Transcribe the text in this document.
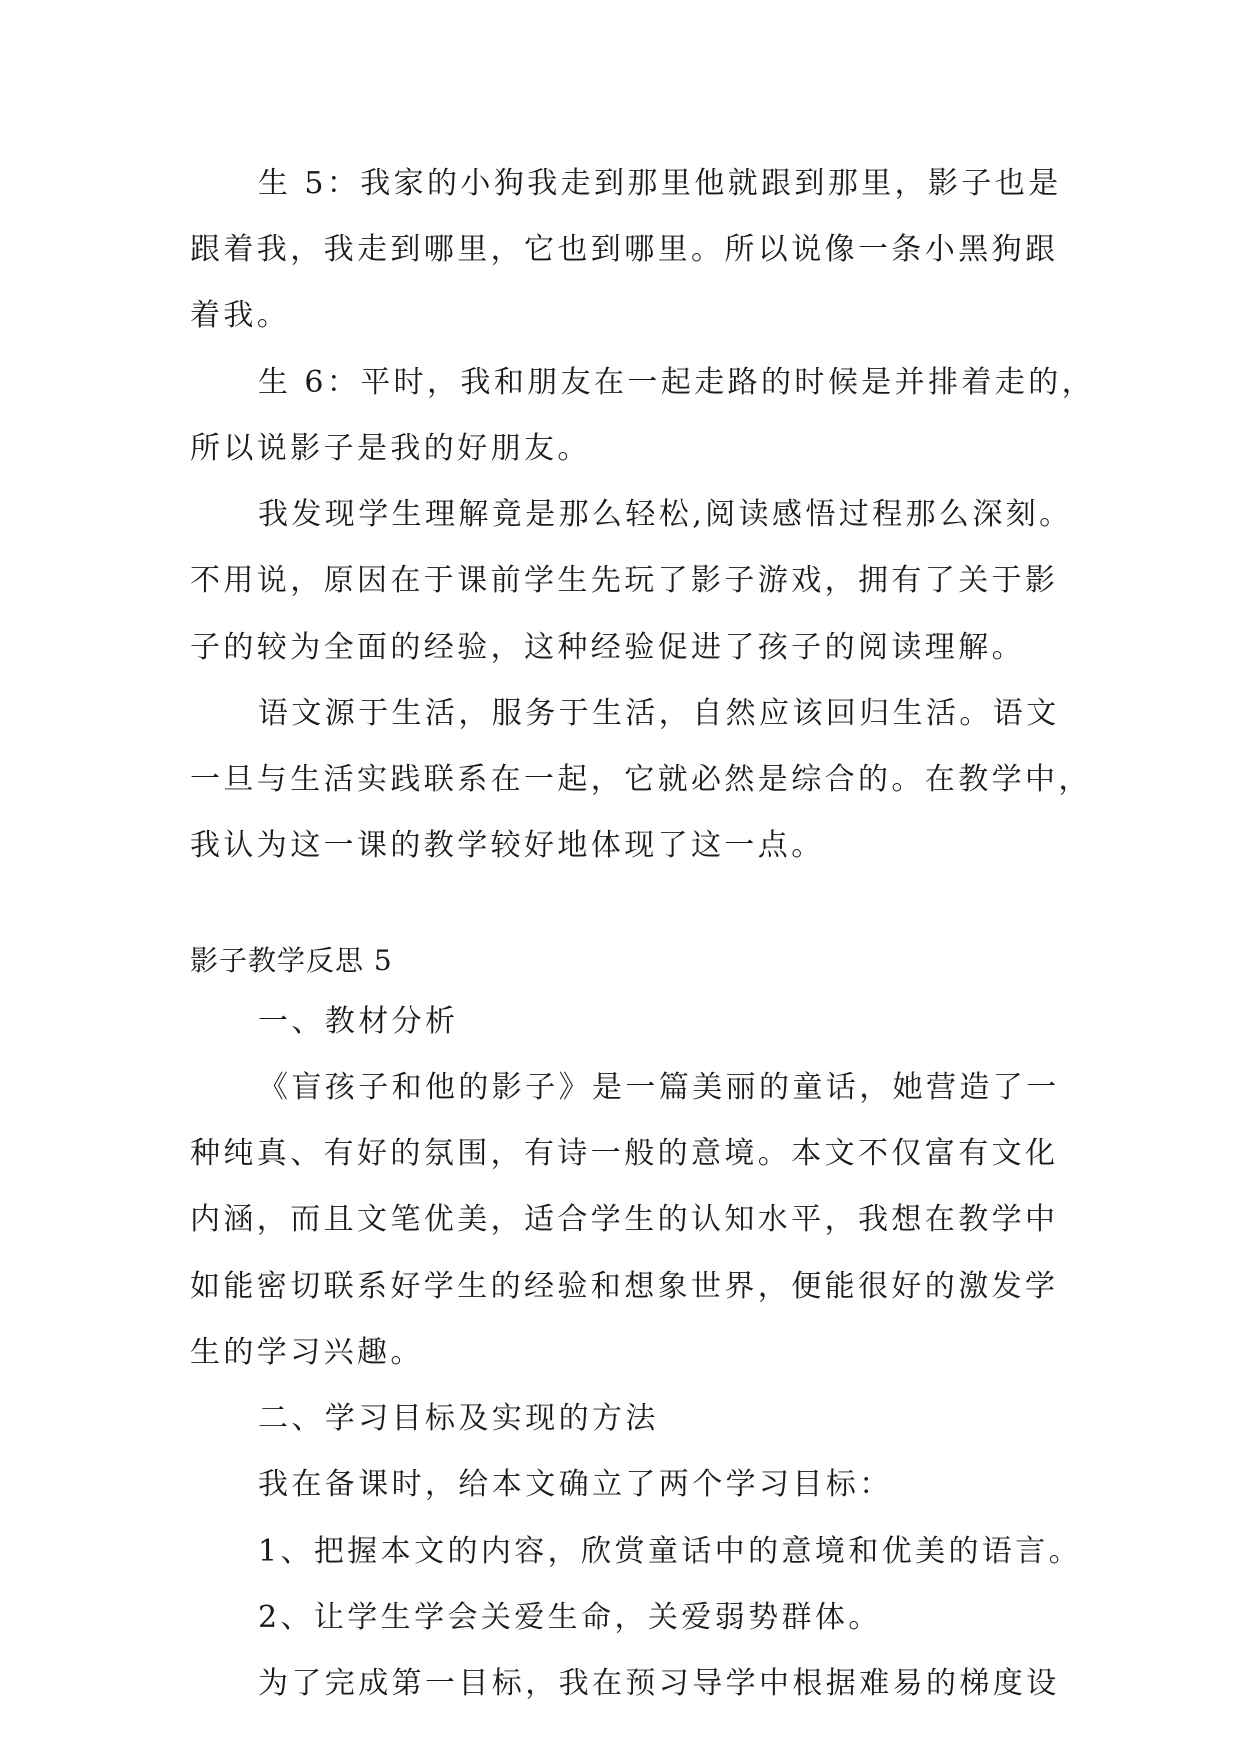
生 5：我家的小狗我走到那里他就跟到那里，影子也是
跟着我，我走到哪里，它也到哪里。所以说像一条小黑狗跟
着我。
生 6：平时，我和朋友在一起走路的时候是并排着走的，
所以说影子是我的好朋友。
我发现学生理解竟是那么轻松,阅读感悟过程那么深刻。
不用说，原因在于课前学生先玩了影子游戏，拥有了关于影
子的较为全面的经验，这种经验促进了孩子的阅读理解。
语文源于生活，服务于生活，自然应该回归生活。语文
一旦与生活实践联系在一起，它就必然是综合的。在教学中，
我认为这一课的教学较好地体现了这一点。
影子教学反思 5
一、教材分析
《盲孩子和他的影子》是一篇美丽的童话，她营造了一
种纯真、有好的氛围，有诗一般的意境。本文不仅富有文化
内涵，而且文笔优美，适合学生的认知水平，我想在教学中
如能密切联系好学生的经验和想象世界，便能很好的激发学
生的学习兴趣。
二、学习目标及实现的方法
我在备课时，给本文确立了两个学习目标：
1、把握本文的内容，欣赏童话中的意境和优美的语言。
2、让学生学会关爱生命，关爱弱势群体。
为了完成第一目标，我在预习导学中根据难易的梯度设
